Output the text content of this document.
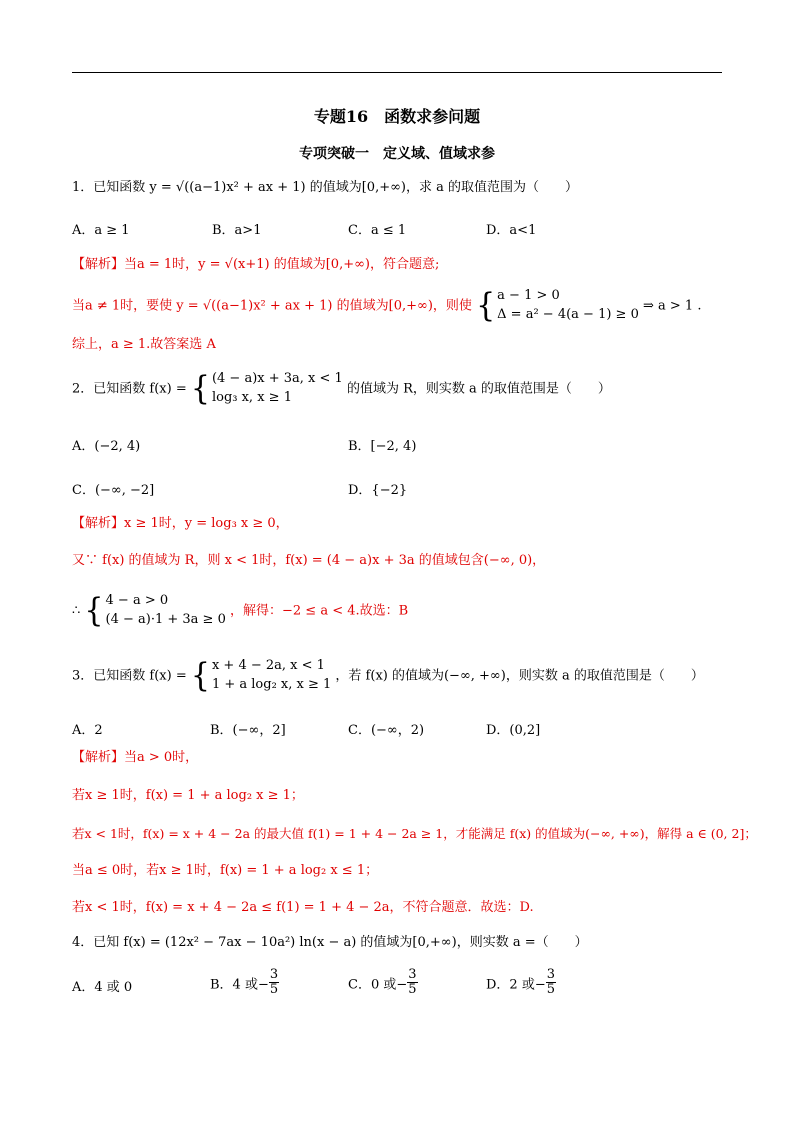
专题16　函数求参问题
专项突破一　定义域、值域求参
1．已知函数 y = √((a−1)x² + ax + 1) 的值域为[0,+∞)，求 a 的取值范围为（　　）
A．a ≥ 1	B．a>1	C．a ≤ 1	D．a<1
【解析】当a = 1时，y = √(x+1) 的值域为[0,+∞)，符合题意;
当a ≠ 1时，要使 y = √((a−1)x² + ax + 1) 的值域为[0,+∞)，则使 { a − 1 > 0
Δ = a² − 4(a − 1) ≥ 0
⇒ a > 1 .
综上，a ≥ 1.故答案选 A
2．已知函数 f(x) = { (4 − a)x + 3a, x < 1
log₃ x, x ≥ 1
的值域为 R，则实数 a 的取值范围是（　　）
A．(−2, 4)	B．[−2, 4)
C．(−∞, −2]	D．{−2}
【解析】x ≥ 1时，y = log₃ x ≥ 0，
又∵ f(x) 的值域为 R，则 x < 1时，f(x) = (4 − a)x + 3a 的值域包含(−∞, 0)，
∴ { 4 − a > 0
(4 − a)·1 + 3a ≥ 0
，解得：−2 ≤ a < 4.故选：B
3．已知函数 f(x) = { x + 4 − 2a, x < 1
1 + a log₂ x, x ≥ 1
，若 f(x) 的值域为(−∞, +∞)，则实数 a 的取值范围是（　　）
A．2	B．(−∞，2]	C．(−∞，2)	D．(0,2]
【解析】当a > 0时，
若x ≥ 1时，f(x) = 1 + a log₂ x ≥ 1；
若x < 1时，f(x) = x + 4 − 2a 的最大值 f(1) = 1 + 4 − 2a ≥ 1，才能满足 f(x) 的值域为(−∞, +∞)，解得 a ∈ (0, 2]；
当a ≤ 0时，若x ≥ 1时，f(x) = 1 + a log₂ x ≤ 1；
若x < 1时，f(x) = x + 4 − 2a ≤ f(1) = 1 + 4 − 2a，不符合题意．故选：D.
4．已知 f(x) = (12x² − 7ax − 10a²) ln(x − a) 的值域为[0,+∞)，则实数 a =（　　）
A．4 或 0	B．4 或− $\frac{3}{5}$	C．0 或− $\frac{3}{5}$	D．2 或− $\frac{3}{5}$
